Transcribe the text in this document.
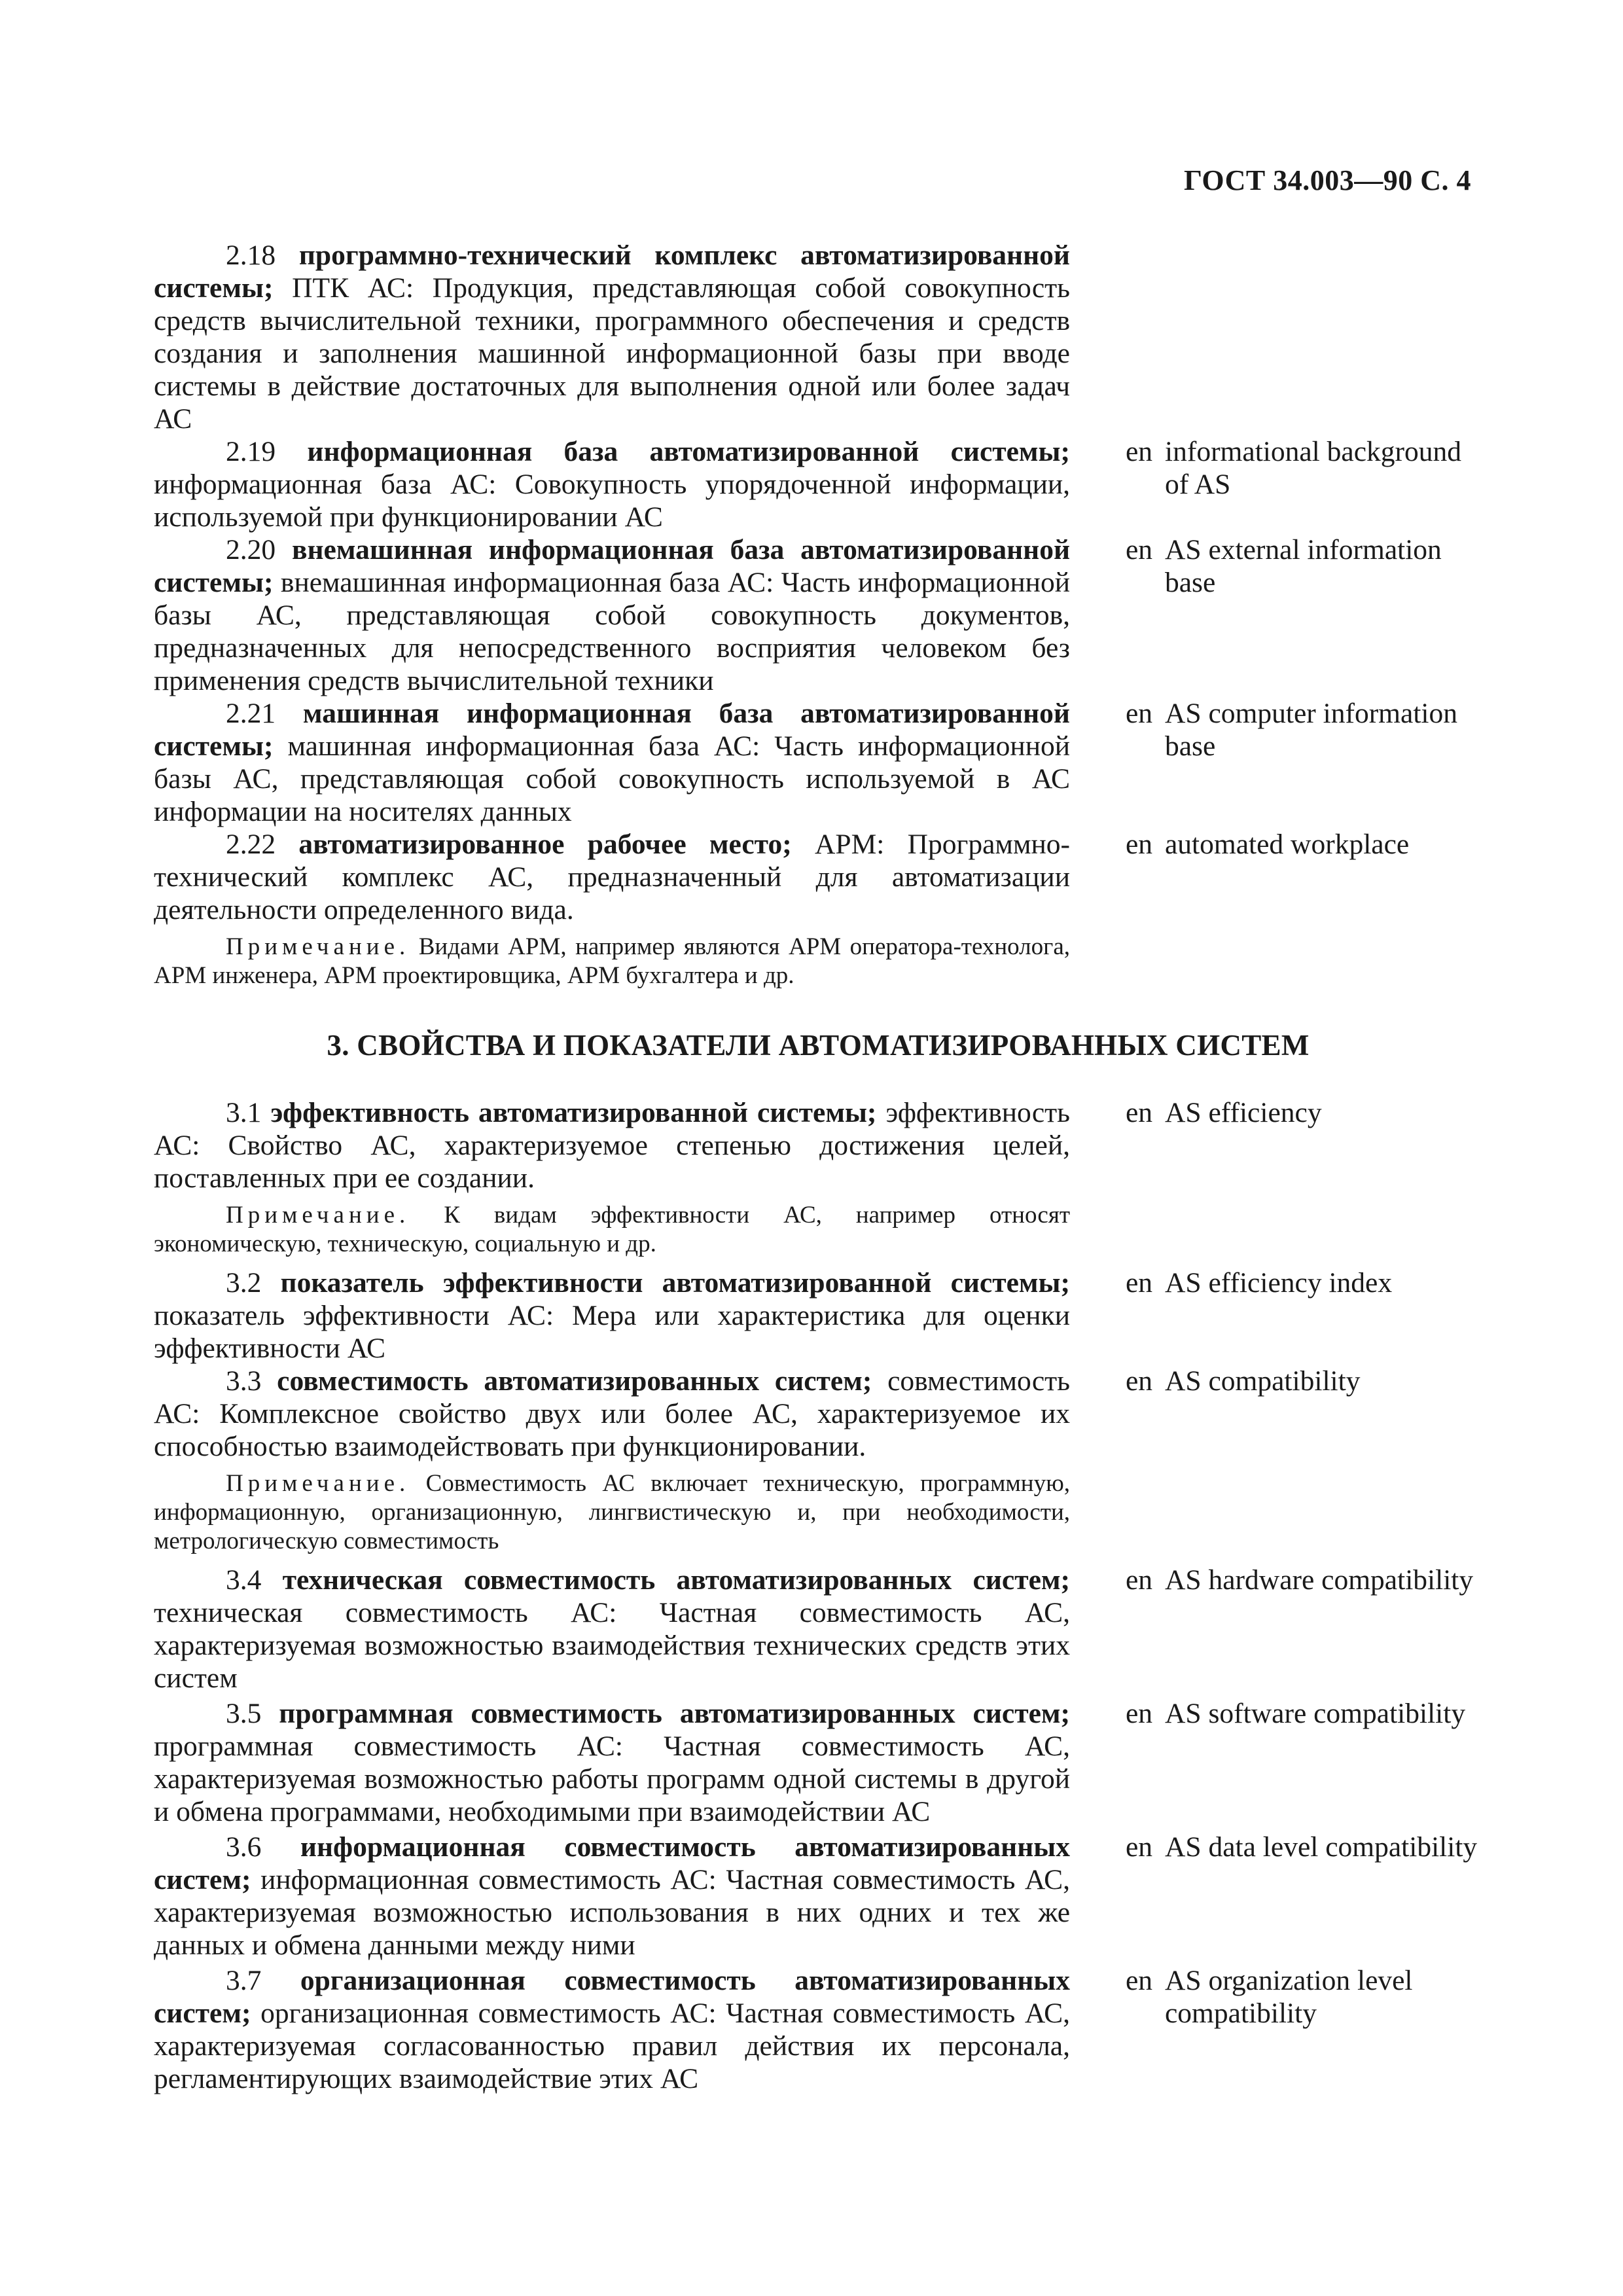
ГОСТ 34.003—90 С. 4

2.18 программно-технический комплекс автоматизированной системы; ПТК АС: Продукция, представляющая собой совокупность средств вычислительной техники, программного обеспечения и средств создания и заполнения машинной информационной базы при вводе системы в действие достаточных для выполнения одной или более задач АС

2.19 информационная база автоматизированной системы; информационная база АС: Совокупность упорядоченной информации, используемой при функционировании АС

en informational background of AS

2.20 внемашинная информационная база автоматизированной системы; внемашинная информационная база АС: Часть информационной базы АС, представляющая собой совокупность документов, предназначенных для непосредственного восприятия человеком без применения средств вычислительной техники

en AS external information base

2.21 машинная информационная база автоматизированной системы; машинная информационная база АС: Часть информационной базы АС, представляющая собой совокупность используемой в АС информации на носителях данных

en AS computer information base

2.22 автоматизированное рабочее место; АРМ: Программно-технический комплекс АС, предназначенный для автоматизации деятельности определенного вида.

en automated workplace

Примечание. Видами АРМ, например являются АРМ оператора-технолога, АРМ инженера, АРМ проектировщика, АРМ бухгалтера и др.

3. СВОЙСТВА И ПОКАЗАТЕЛИ АВТОМАТИЗИРОВАННЫХ СИСТЕМ

3.1 эффективность автоматизированной системы; эффективность АС: Свойство АС, характеризуемое степенью достижения целей, поставленных при ее создании.

en AS efficiency

Примечание. К видам эффективности АС, например относят экономическую, техническую, социальную и др.

3.2 показатель эффективности автоматизированной системы; показатель эффективности АС: Мера или характеристика для оценки эффективности АС

en AS efficiency index

3.3 совместимость автоматизированных систем; совместимость АС: Комплексное свойство двух или более АС, характеризуемое их способностью взаимодействовать при функционировании.

en AS compatibility

Примечание. Совместимость АС включает техническую, программную, информационную, организационную, лингвистическую и, при необходимости, метрологическую совместимость

3.4 техническая совместимость автоматизированных систем; техническая совместимость АС: Частная совместимость АС, характеризуемая возможностью взаимодействия технических средств этих систем

en AS hardware compatibility

3.5 программная совместимость автоматизированных систем; программная совместимость АС: Частная совместимость АС, характеризуемая возможностью работы программ одной системы в другой и обмена программами, необходимыми при взаимодействии АС

en AS software compatibility

3.6 информационная совместимость автоматизированных систем; информационная совместимость АС: Частная совместимость АС, характеризуемая возможностью использования в них одних и тех же данных и обмена данными между ними

en AS data level compatibility

3.7 организационная совместимость автоматизированных систем; организационная совместимость АС: Частная совместимость АС, характеризуемая согласованностью правил действия их персонала, регламентирующих взаимодействие этих АС

en AS organization level compatibility
